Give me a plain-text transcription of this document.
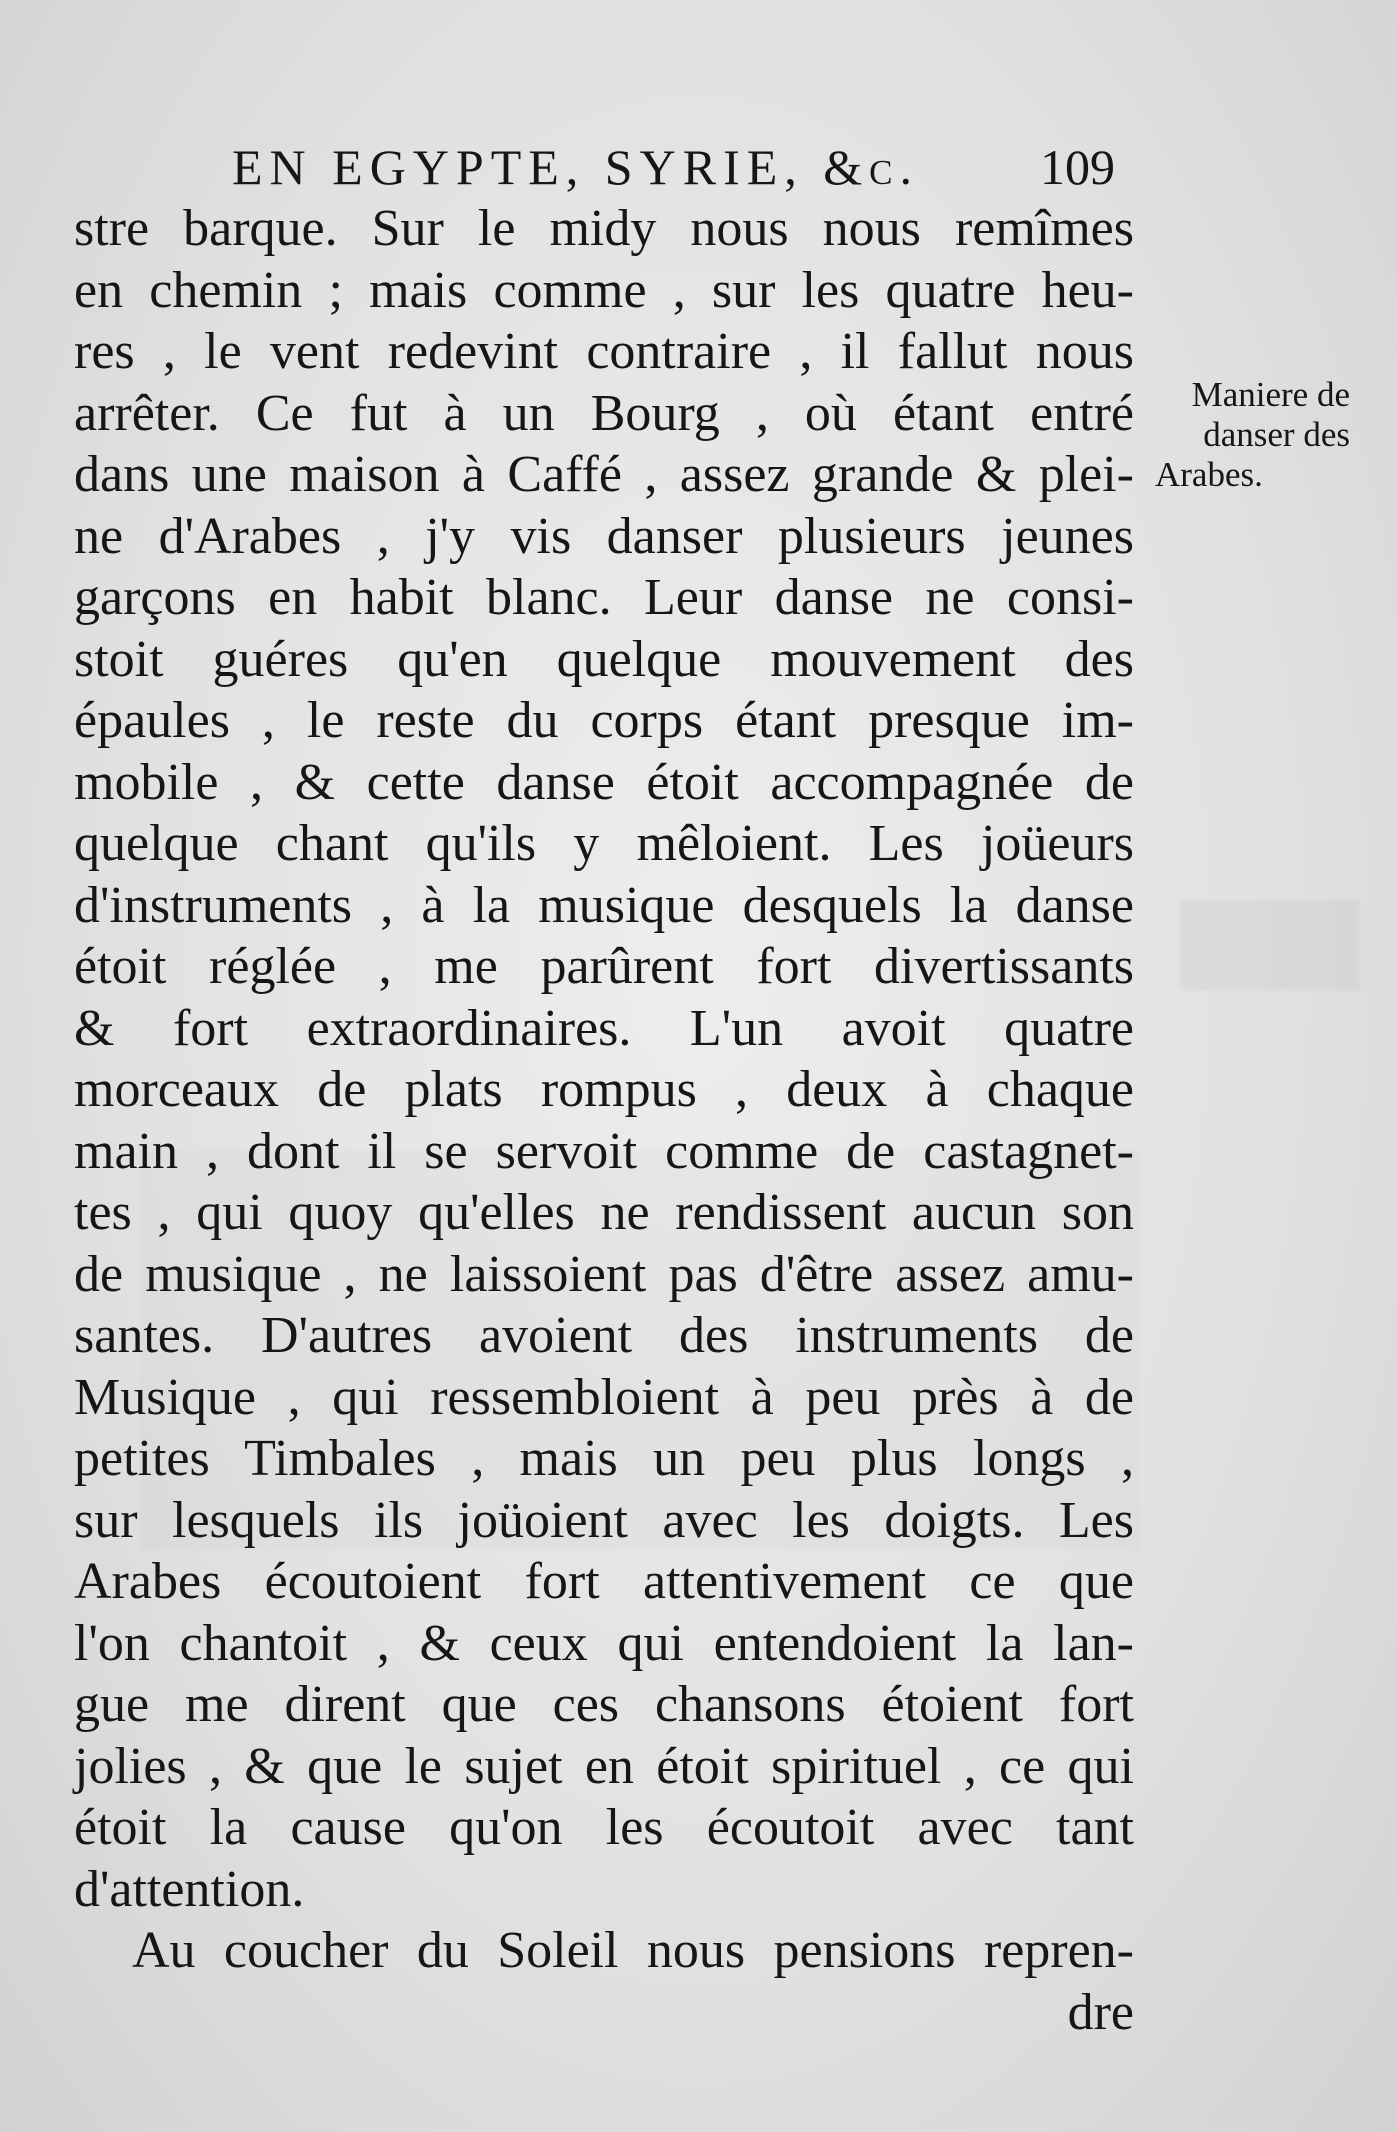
EN EGYPTE, SYRIE, &c. 109
Maniere de
danser des
Arabes.
stre barque. Sur le midy nous nous remîmes
en chemin ; mais comme , sur les quatre heu-
res , le vent redevint contraire , il fallut nous
arrêter. Ce fut à un Bourg , où étant entré
dans une maison à Caffé , assez grande & plei-
ne d'Arabes , j'y vis danser plusieurs jeunes
garçons en habit blanc. Leur danse ne consi-
stoit guéres qu'en quelque mouvement des
épaules , le reste du corps étant presque im-
mobile , & cette danse étoit accompagnée de
quelque chant qu'ils y mêloient. Les joüeurs
d'instruments , à la musique desquels la danse
étoit réglée , me parûrent fort divertissants
& fort extraordinaires. L'un avoit quatre
morceaux de plats rompus , deux à chaque
main , dont il se servoit comme de castagnet-
tes , qui quoy qu'elles ne rendissent aucun son
de musique , ne laissoient pas d'être assez amu-
santes. D'autres avoient des instruments de
Musique , qui ressembloient à peu près à de
petites Timbales , mais un peu plus longs ,
sur lesquels ils joüoient avec les doigts. Les
Arabes écoutoient fort attentivement ce que
l'on chantoit , & ceux qui entendoient la lan-
gue me dirent que ces chansons étoient fort
jolies , & que le sujet en étoit spirituel , ce qui
étoit la cause qu'on les écoutoit avec tant
d'attention.
Au coucher du Soleil nous pensions repren-
dre
